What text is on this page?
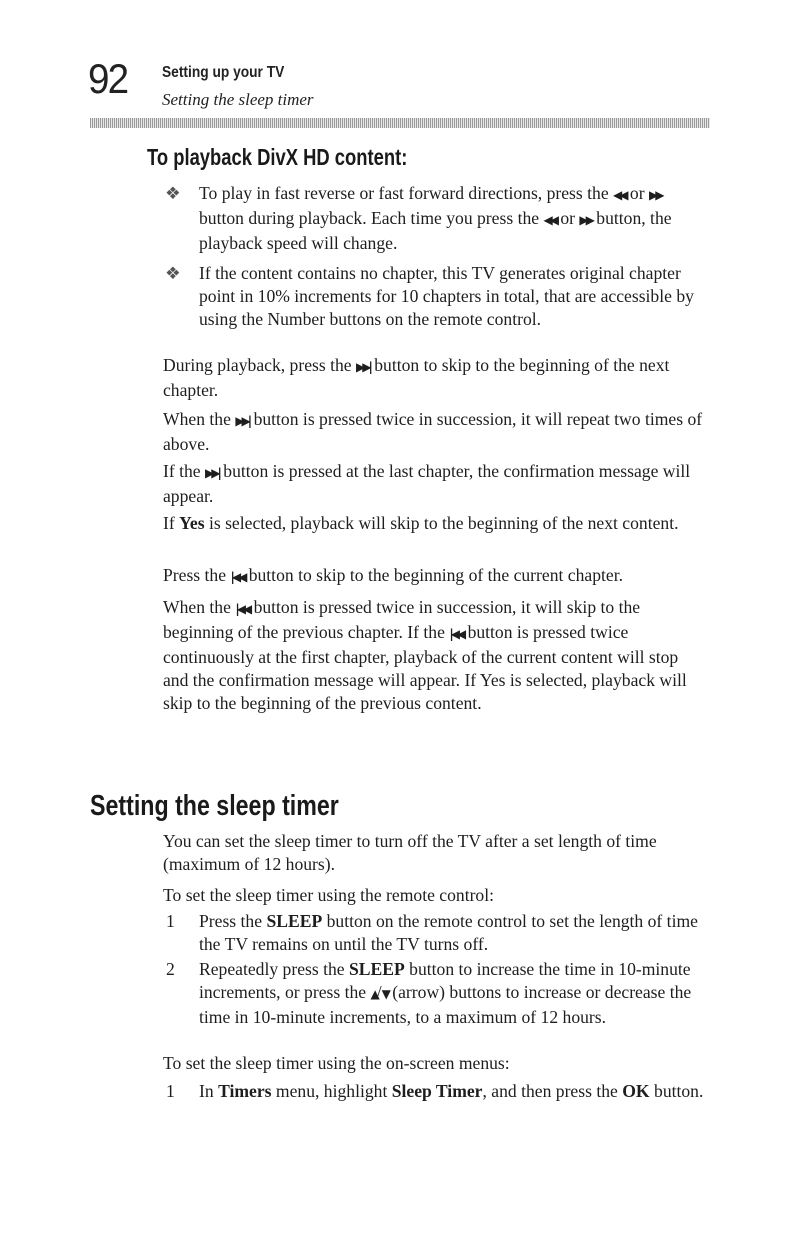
92 Setting up your TV
Setting the sleep timer
To playback DivX HD content:
❖ To play in fast reverse or fast forward directions, press the ◀◀ or ▶▶ button during playback. Each time you press the ◀◀ or ▶▶ button, the playback speed will change.
❖ If the content contains no chapter, this TV generates original chapter point in 10% increments for 10 chapters in total, that are accessible by using the Number buttons on the remote control.

During playback, press the ▶▶| button to skip to the beginning of the next chapter.

When the ▶▶| button is pressed twice in succession, it will repeat two times of above.

If the ▶▶| button is pressed at the last chapter, the confirmation message will appear.

If Yes is selected, playback will skip to the beginning of the next content.

Press the |◀◀ button to skip to the beginning of the current chapter.

When the |◀◀ button is pressed twice in succession, it will skip to the beginning of the previous chapter. If the |◀◀ button is pressed twice continuously at the first chapter, playback of the current content will stop and the confirmation message will appear. If Yes is selected, playback will skip to the beginning of the previous content.

Setting the sleep timer

You can set the sleep timer to turn off the TV after a set length of time (maximum of 12 hours).

To set the sleep timer using the remote control:

1 Press the SLEEP button on the remote control to set the length of time the TV remains on until the TV turns off.
2 Repeatedly press the SLEEP button to increase the time in 10-minute increments, or press the ▲/▼ (arrow) buttons to increase or decrease the time in 10-minute increments, to a maximum of 12 hours.

To set the sleep timer using the on-screen menus:

1 In Timers menu, highlight Sleep Timer, and then press the OK button.
